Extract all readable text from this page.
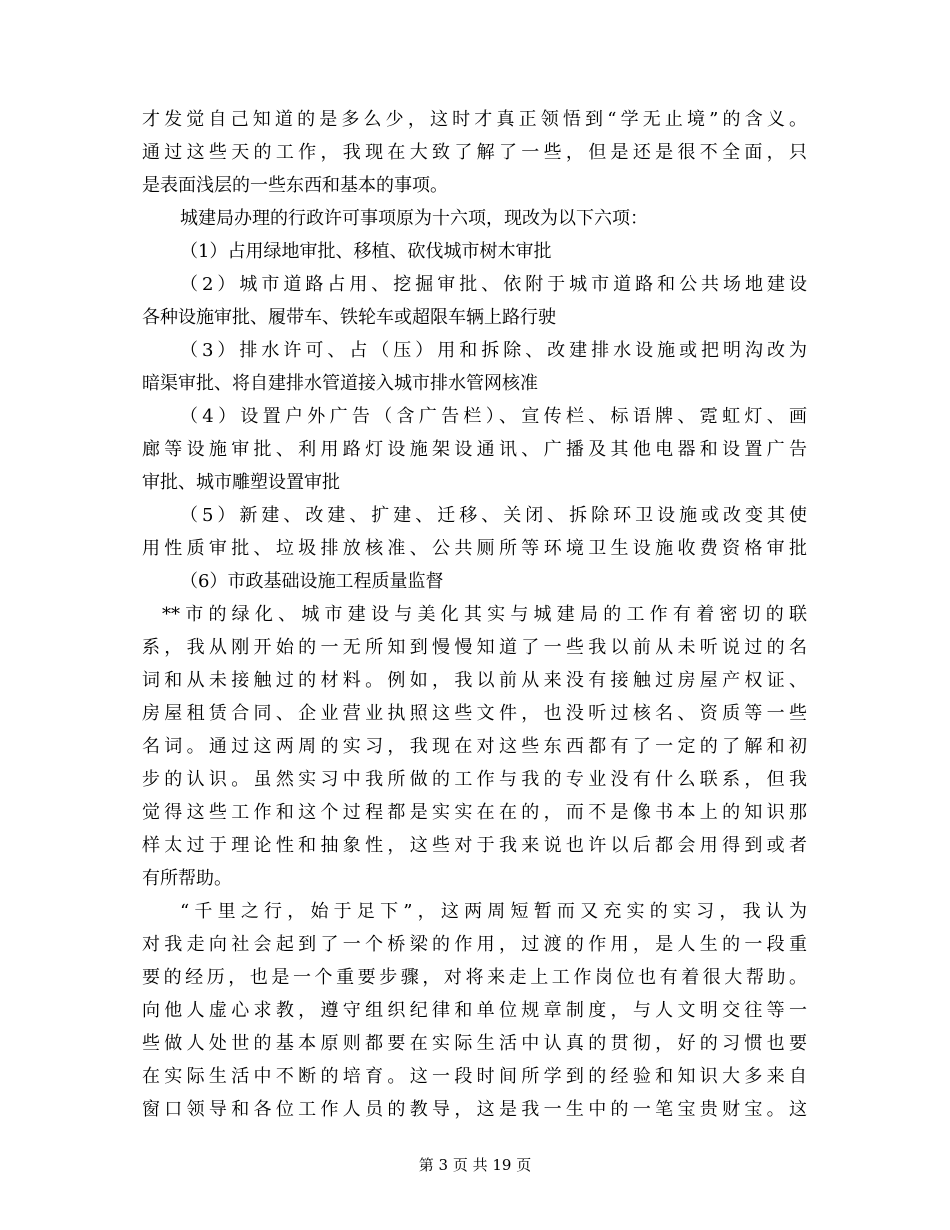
才发觉自己知道的是多么少，这时才真正领悟到“学无止境”的含义。
通过这些天的工作，我现在大致了解了一些，但是还是很不全面，只
是表面浅层的一些东西和基本的事项。
城建局办理的行政许可事项原为十六项，现改为以下六项：
（1）占用绿地审批、移植、砍伐城市树木审批
（2）城市道路占用、挖掘审批、依附于城市道路和公共场地建设
各种设施审批、履带车、铁轮车或超限车辆上路行驶
（3）排水许可、占（压）用和拆除、改建排水设施或把明沟改为
暗渠审批、将自建排水管道接入城市排水管网核准
（4）设置户外广告（含广告栏）、宣传栏、标语牌、霓虹灯、画
廊等设施审批、利用路灯设施架设通讯、广播及其他电器和设置广告
审批、城市雕塑设置审批
（5）新建、改建、扩建、迁移、关闭、拆除环卫设施或改变其使
用性质审批、垃圾排放核准、公共厕所等环境卫生设施收费资格审批
（6）市政基础设施工程质量监督
**市的绿化、城市建设与美化其实与城建局的工作有着密切的联
系，我从刚开始的一无所知到慢慢知道了一些我以前从未听说过的名
词和从未接触过的材料。例如，我以前从来没有接触过房屋产权证、
房屋租赁合同、企业营业执照这些文件，也没听过核名、资质等一些
名词。通过这两周的实习，我现在对这些东西都有了一定的了解和初
步的认识。虽然实习中我所做的工作与我的专业没有什么联系，但我
觉得这些工作和这个过程都是实实在在的，而不是像书本上的知识那
样太过于理论性和抽象性，这些对于我来说也许以后都会用得到或者
有所帮助。
“千里之行，始于足下”，这两周短暂而又充实的实习，我认为
对我走向社会起到了一个桥梁的作用，过渡的作用，是人生的一段重
要的经历，也是一个重要步骤，对将来走上工作岗位也有着很大帮助。
向他人虚心求教，遵守组织纪律和单位规章制度，与人文明交往等一
些做人处世的基本原则都要在实际生活中认真的贯彻，好的习惯也要
在实际生活中不断的培育。这一段时间所学到的经验和知识大多来自
窗口领导和各位工作人员的教导，这是我一生中的一笔宝贵财宝。这
第 3 页 共 19 页
